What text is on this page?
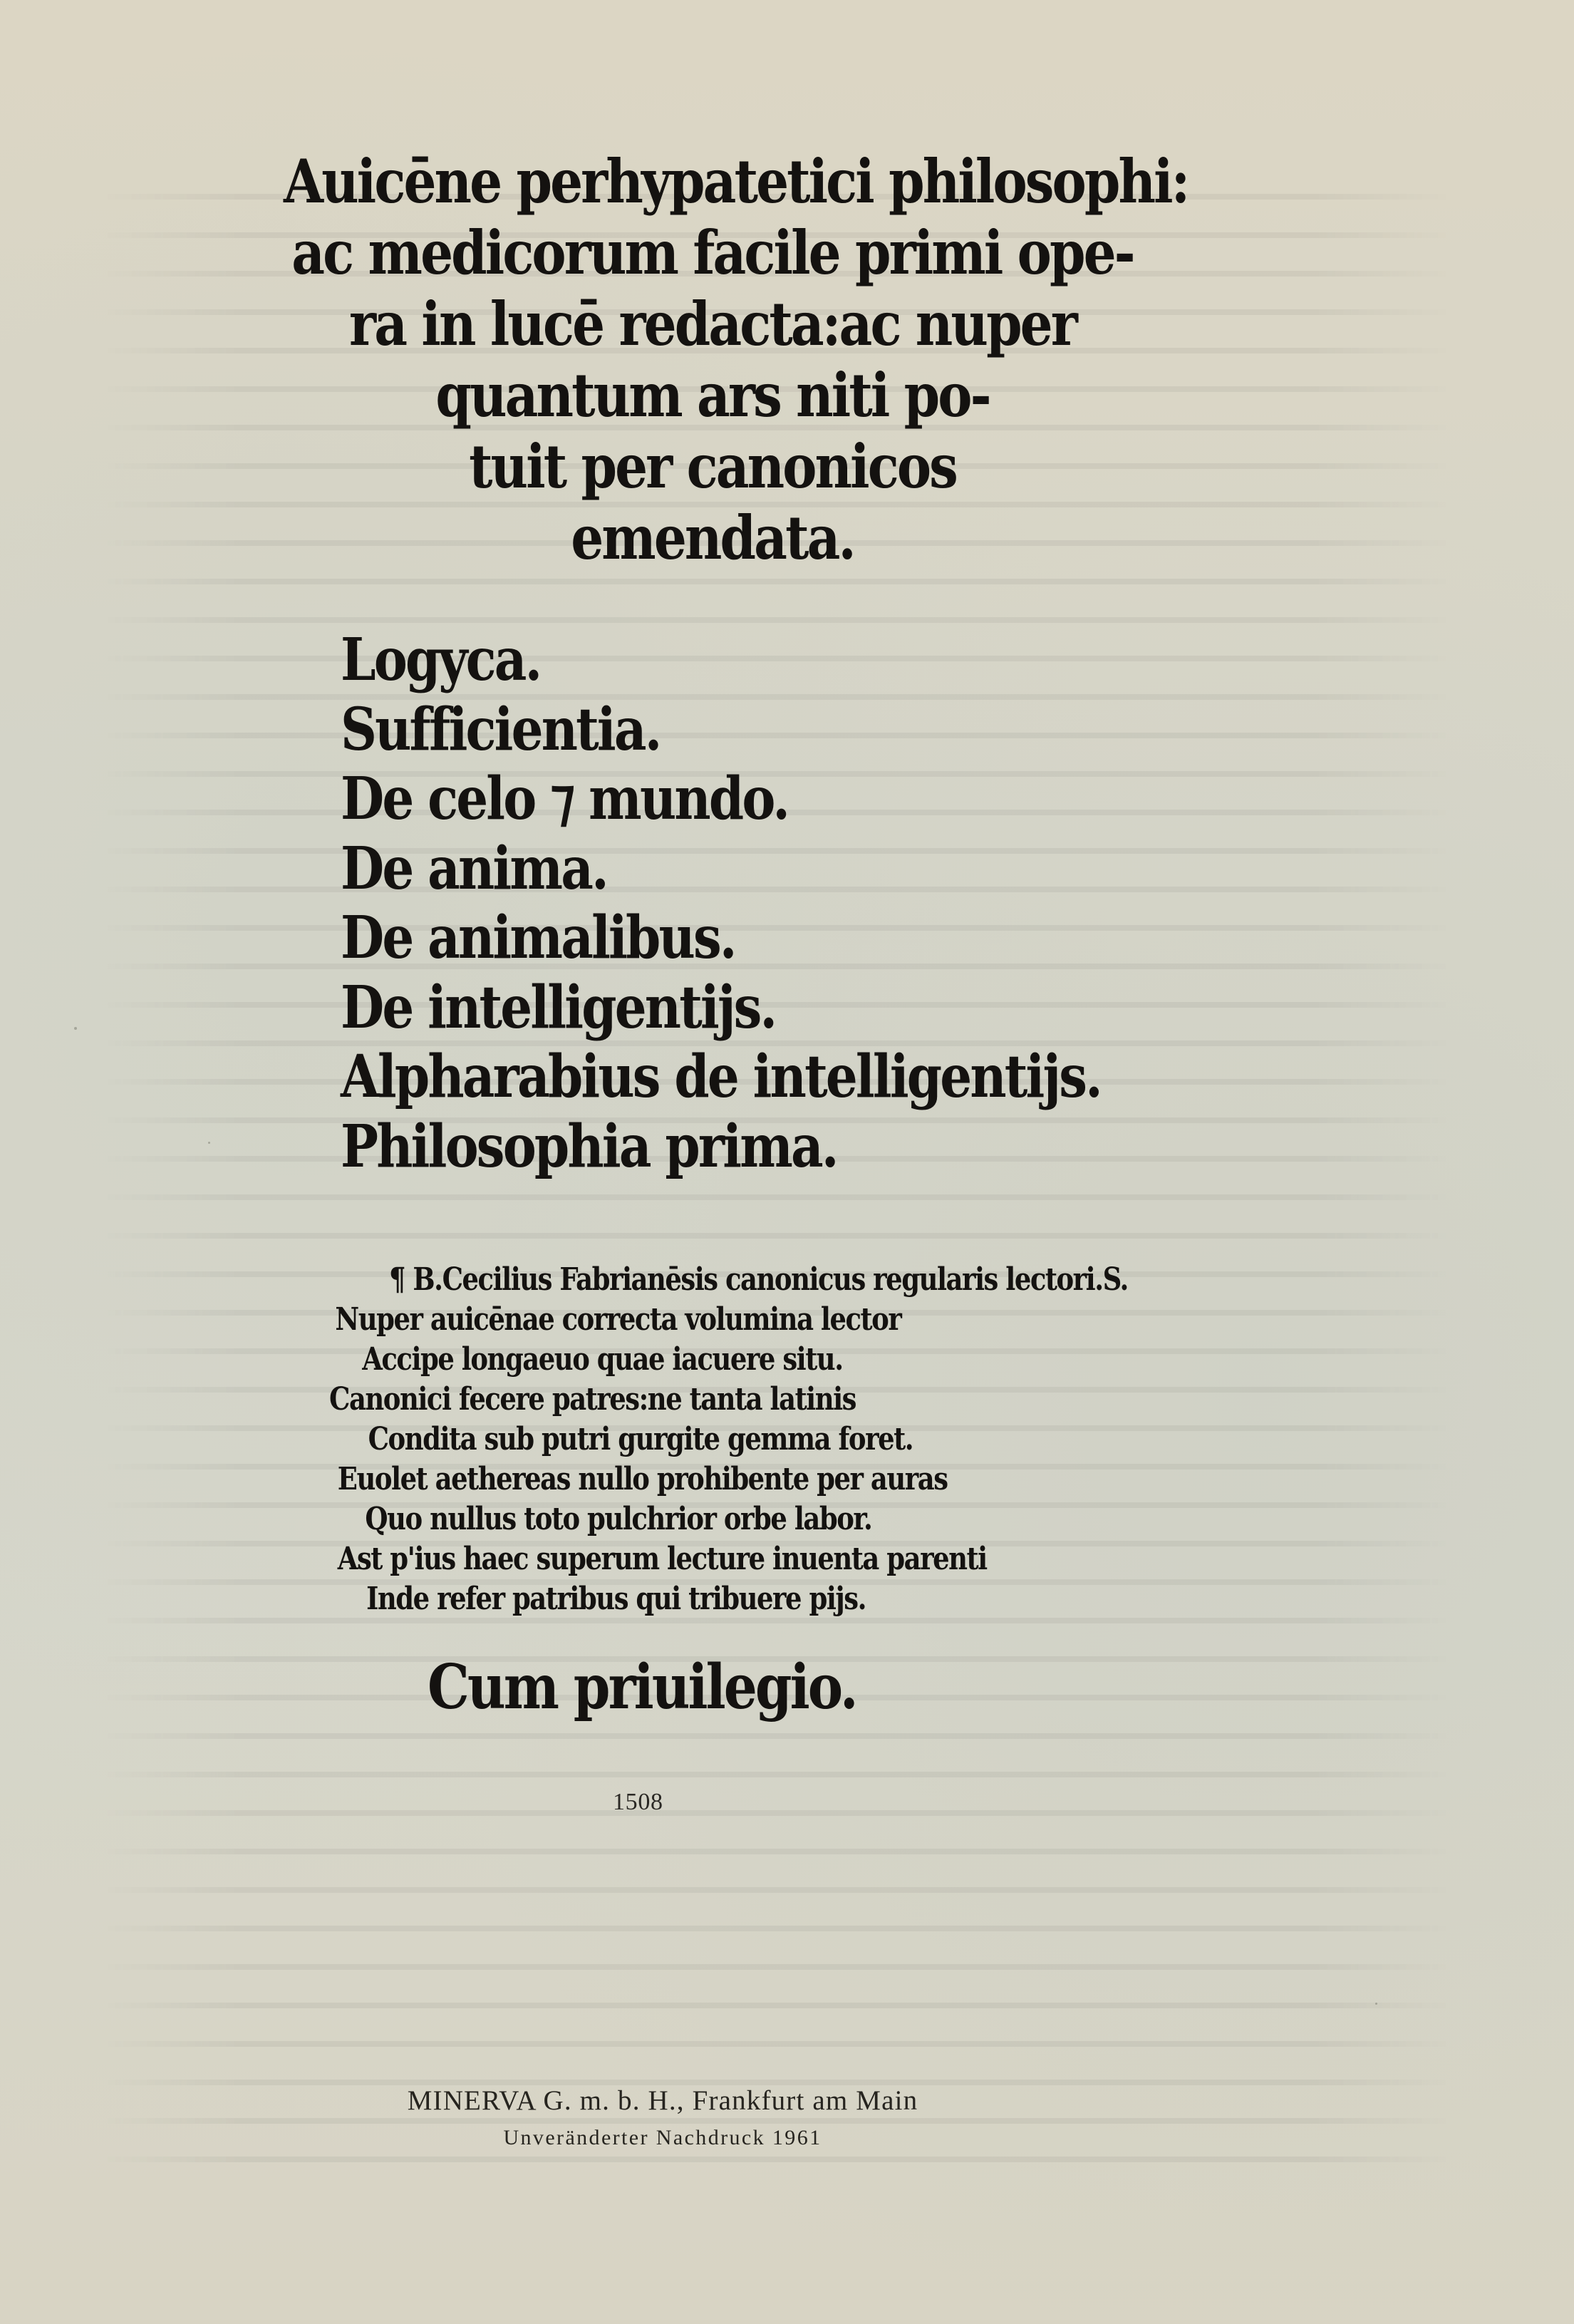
Auicēne perhypatetici philosophi:
ac medicorum facile primi ope-
ra in lucē redacta:ac nuper
quantum ars niti po-
tuit per canonicos
emendata.
Logyca.
Sufficientia.
De celo ⁊ mundo.
De anima.
De animalibus.
De intelligentijs.
Alpharabius de intelligentijs.
Philosophia prima.
¶ B.Cecilius Fabrianēsis canonicus regularis lectori.S.
Nuper auicēnae correcta volumina lector
Accipe longaeuo quae iacuere situ.
Canonici fecere patres:ne tanta latinis
Condita sub putri gurgite gemma foret.
Euolet aethereas nullo prohibente per auras
Quo nullus toto pulchrior orbe labor.
Ast p'ius haec superum lecture inuenta parenti
Inde refer patribus qui tribuere pijs.
Cum priuilegio.
1508
MINERVA G. m. b. H., Frankfurt am Main
Unveränderter Nachdruck 1961
